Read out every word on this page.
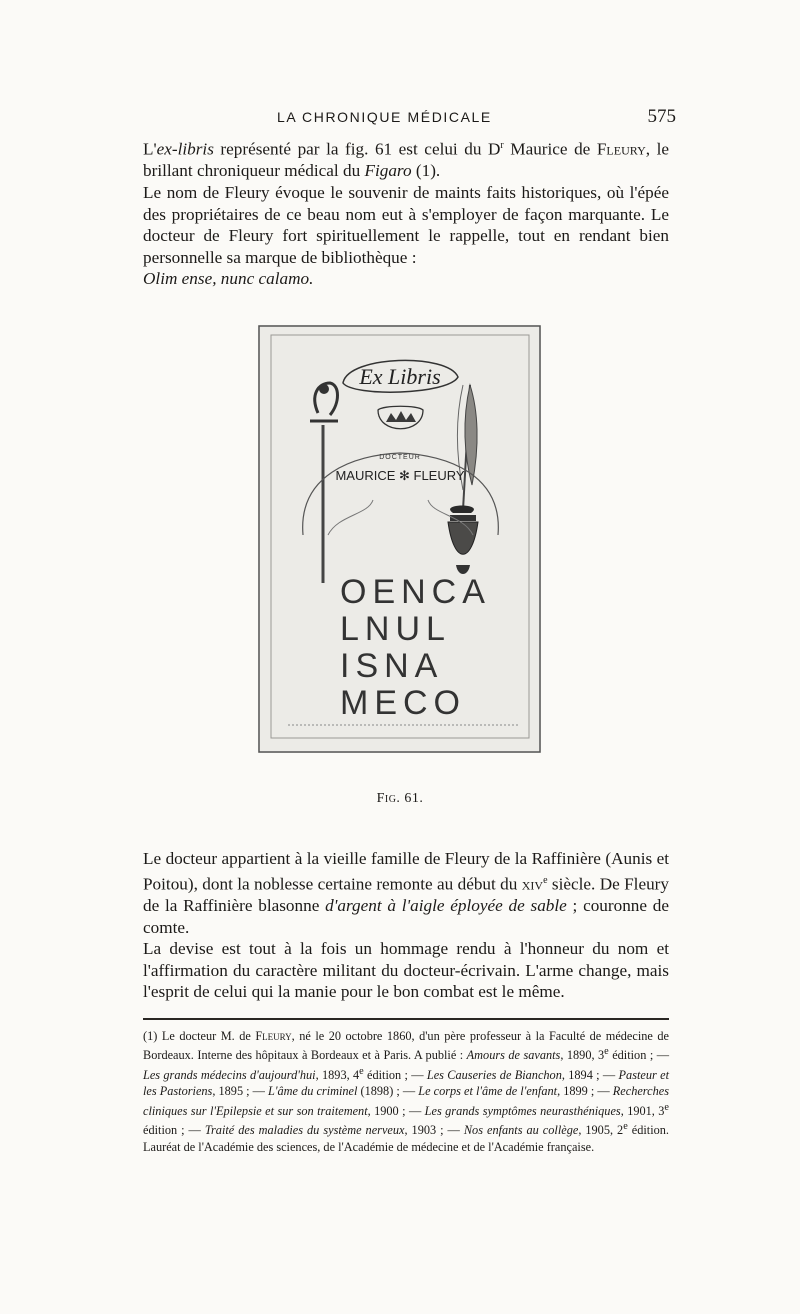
LA CHRONIQUE MÉDICALE	575

L'ex-libris représenté par la fig. 61 est celui du $D^r$ Maurice de Fleury, le brillant chroniqueur médical du Figaro (1).

Le nom de Fleury évoque le souvenir de maints faits historiques, où l'épée des propriétaires de ce beau nom eut à s'employer de façon marquante. Le docteur de Fleury fort spirituellement le rappelle, tout en rendant bien personnelle sa marque de bibliothèque :

Olim ense, nunc calamo.

Ex Libris
DOCTEUR
MAURICE ✻ FLEURY
OENCA
LNUL
ISNA
MECO
Fig. 61.

Le docteur appartient à la vieille famille de Fleury de la Raffinière (Aunis et Poitou), dont la noblesse certaine remonte au début du xiv$^e$ siècle. De Fleury de la Raffinière blasonne d'argent à l'aigle éployée de sable ; couronne de comte.

La devise est tout à la fois un hommage rendu à l'honneur du nom et l'affirmation du caractère militant du docteur-écrivain. L'arme change, mais l'esprit de celui qui la manie pour le bon combat est le même.

(1) Le docteur M. de Fleury, né le 20 octobre 1860, d'un père professeur à la Faculté de médecine de Bordeaux. Interne des hôpitaux à Bordeaux et à Paris. A publié : Amours de savants, 1890, 3e édition ; — Les grands médecins d'aujourd'hui, 1893, 4e édition ; — Les Causeries de Bianchon, 1894 ; — Pasteur et les Pastoriens, 1895 ; — L'âme du criminel (1898) ; — Le corps et l'âme de l'enfant, 1899 ; — Recherches cliniques sur l'Epilepsie et sur son traitement, 1900 ; — Les grands symptômes neurasthéniques, 1901, 3e édition ; — Traité des maladies du système nerveux, 1903 ; — Nos enfants au collège, 1905, 2e édition. Lauréat de l'Académie des sciences, de l'Académie de médecine et de l'Académie française.
